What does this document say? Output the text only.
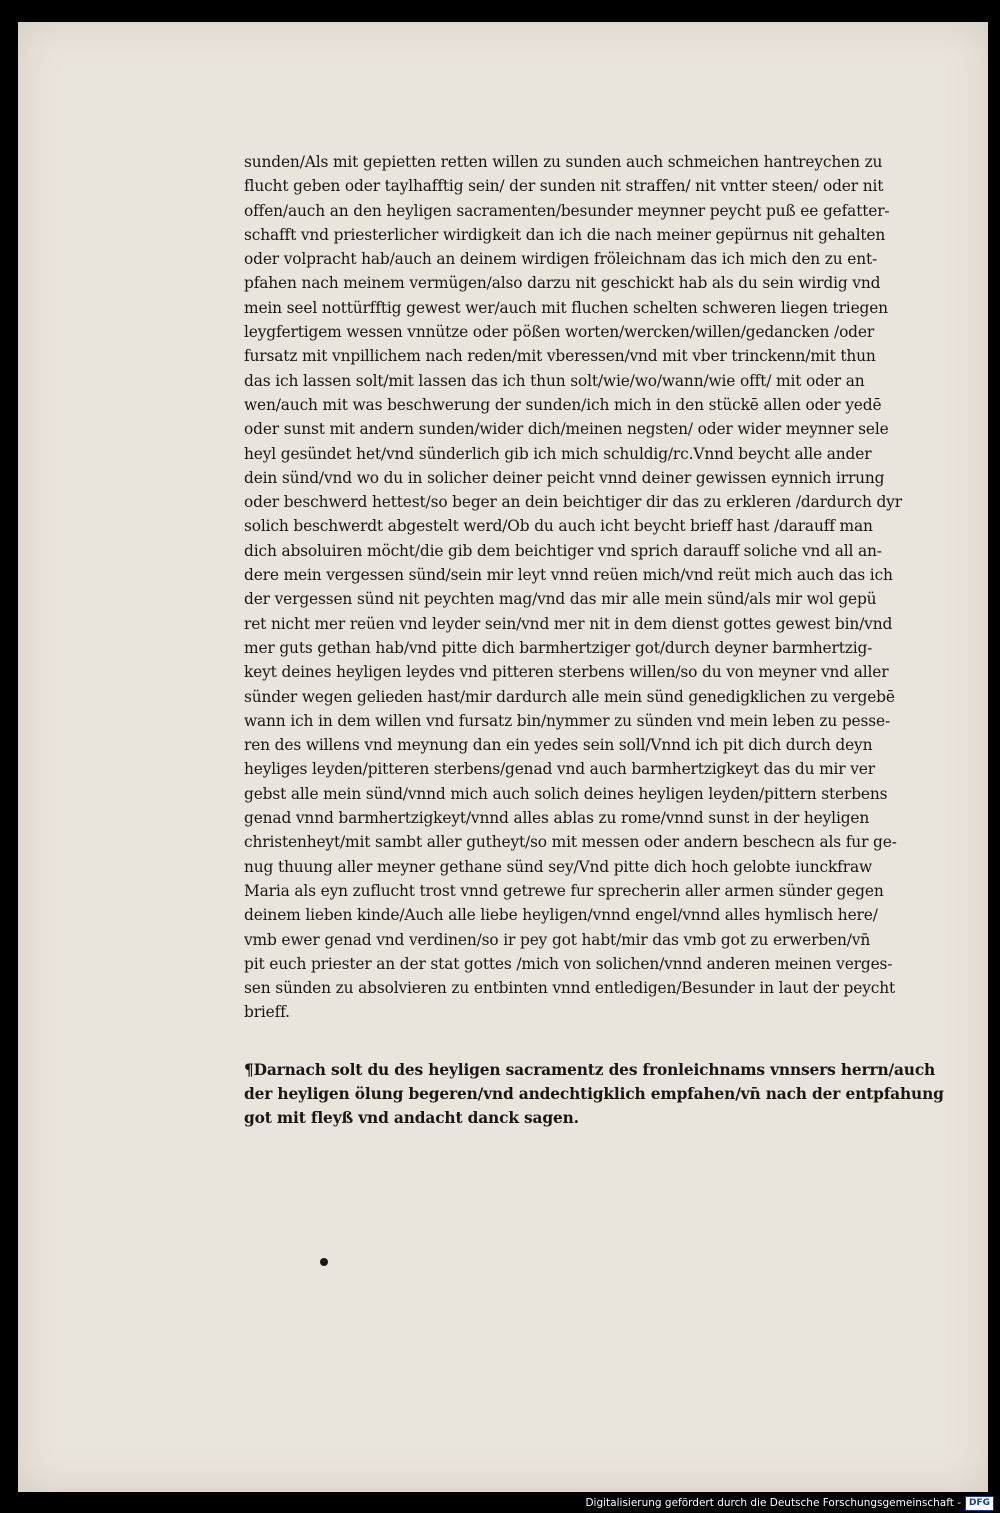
sunden/Als mit gepietten retten willen zu sunden auch schmeichen hantreychen zu
flucht geben oder taylhafftig sein/ der sunden nit straffen/ nit vntter steen/ oder nit
offen/auch an den heyligen sacramenten/besunder meynner peycht puß ee gefatter-
schafft vnd priesterlicher wirdigkeit dan ich die nach meiner gepürnus nit gehalten
oder volpracht hab/auch an deinem wirdigen fröleichnam das ich mich den zu ent-
pfahen nach meinem vermügen/also darzu nit geschickt hab als du sein wirdig vnd
mein seel nottürfftig gewest wer/auch mit fluchen schelten schweren liegen triegen
leygfertigem wessen vnnütze oder pößen worten/wercken/willen/gedancken /oder
fursatz mit vnpillichem nach reden/mit vberessen/vnd mit vber trinckenn/mit thun
das ich lassen solt/mit lassen das ich thun solt/wie/wo/wann/wie offt/ mit oder an
wen/auch mit was beschwerung der sunden/ich mich in den stückē allen oder yedē
oder sunst mit andern sunden/wider dich/meinen negsten/ oder wider meynner sele
heyl gesündet het/vnd sünderlich gib ich mich schuldig/rc.Vnnd beycht alle ander
dein sünd/vnd wo du in solicher deiner peicht vnnd deiner gewissen eynnich irrung
oder beschwerd hettest/so beger an dein beichtiger dir das zu erkleren /dardurch dyr
solich beschwerdt abgestelt werd/Ob du auch icht beycht brieff hast /darauff man
dich absoluiren möcht/die gib dem beichtiger vnd sprich darauff soliche vnd all an-
dere mein vergessen sünd/sein mir leyt vnnd reüen mich/vnd reüt mich auch das ich
der vergessen sünd nit peychten mag/vnd das mir alle mein sünd/als mir wol gepü
ret nicht mer reüen vnd leyder sein/vnd mer nit in dem dienst gottes gewest bin/vnd
mer guts gethan hab/vnd pitte dich barmhertziger got/durch deyner barmhertzig-
keyt deines heyligen leydes vnd pitteren sterbens willen/so du von meyner vnd aller
sünder wegen gelieden hast/mir dardurch alle mein sünd genedigklichen zu vergebē
wann ich in dem willen vnd fursatz bin/nymmer zu sünden vnd mein leben zu pesse-
ren des willens vnd meynung dan ein yedes sein soll/Vnnd ich pit dich durch deyn
heyliges leyden/pitteren sterbens/genad vnd auch barmhertzigkeyt das du mir ver
gebst alle mein sünd/vnnd mich auch solich deines heyligen leyden/pittern sterbens
genad vnnd barmhertzigkeyt/vnnd alles ablas zu rome/vnnd sunst in der heyligen
christenheyt/mit sambt aller gutheyt/so mit messen oder andern beschecn als fur ge-
nug thuung aller meyner gethane sünd sey/Vnd pitte dich hoch gelobte iunckfraw
Maria als eyn zuflucht trost vnnd getrewe fur sprecherin aller armen sünder gegen
deinem lieben kinde/Auch alle liebe heyligen/vnnd engel/vnnd alles hymlisch here/
vmb ewer genad vnd verdinen/so ir pey got habt/mir das vmb got zu erwerben/vn̄
pit euch priester an der stat gottes /mich von solichen/vnnd anderen meinen verges-
sen sünden zu absolvieren zu entbinten vnnd entledigen/Besunder in laut der peycht
brieff.
¶Darnach solt du des heyligen sacramentz des fronleichnams vnnsers herrn/auch
der heyligen ölung begeren/vnd andechtigklich empfahen/vn̄ nach der entpfahung
got mit fleyß vnd andacht danck sagen.
Digitalisierung gefördert durch die Deutsche Forschungsgemeinschaft - DFG
